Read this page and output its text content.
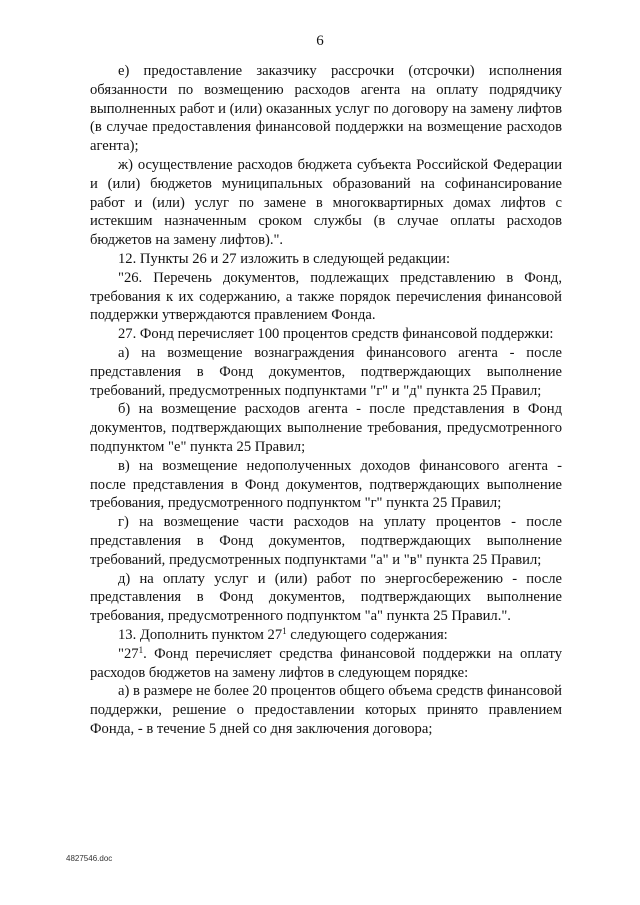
6

е) предоставление заказчику рассрочки (отсрочки) исполнения обязанности по возмещению расходов агента на оплату подрядчику выполненных работ и (или) оказанных услуг по договору на замену лифтов (в случае предоставления финансовой поддержки на возмещение расходов агента);

ж) осуществление расходов бюджета субъекта Российской Федерации и (или) бюджетов муниципальных образований на софинансирование работ и (или) услуг по замене в многоквартирных домах лифтов с истекшим назначенным сроком службы (в случае оплаты расходов бюджетов на замену лифтов).".

12. Пункты 26 и 27 изложить в следующей редакции:

"26. Перечень документов, подлежащих представлению в Фонд, требования к их содержанию, а также порядок перечисления финансовой поддержки утверждаются правлением Фонда.

27. Фонд перечисляет 100 процентов средств финансовой поддержки:

а) на возмещение вознаграждения финансового агента - после представления в Фонд документов, подтверждающих выполнение требований, предусмотренных подпунктами "г" и "д" пункта 25 Правил;

б) на возмещение расходов агента - после представления в Фонд документов, подтверждающих выполнение требования, предусмотренного подпунктом "е" пункта 25 Правил;

в) на возмещение недополученных доходов финансового агента - после представления в Фонд документов, подтверждающих выполнение требования, предусмотренного подпунктом "г" пункта 25 Правил;

г) на возмещение части расходов на уплату процентов - после представления в Фонд документов, подтверждающих выполнение требований, предусмотренных подпунктами "а" и "в" пункта 25 Правил;

д) на оплату услуг и (или) работ по энергосбережению - после представления в Фонд документов, подтверждающих выполнение требования, предусмотренного подпунктом "а" пункта 25 Правил.".

13. Дополнить пунктом $27^1$ следующего содержания:

"$27^1$. Фонд перечисляет средства финансовой поддержки на оплату расходов бюджетов на замену лифтов в следующем порядке:

а) в размере не более 20 процентов общего объема средств финансовой поддержки, решение о предоставлении которых принято правлением Фонда, - в течение 5 дней со дня заключения договора;

4827546.doc
